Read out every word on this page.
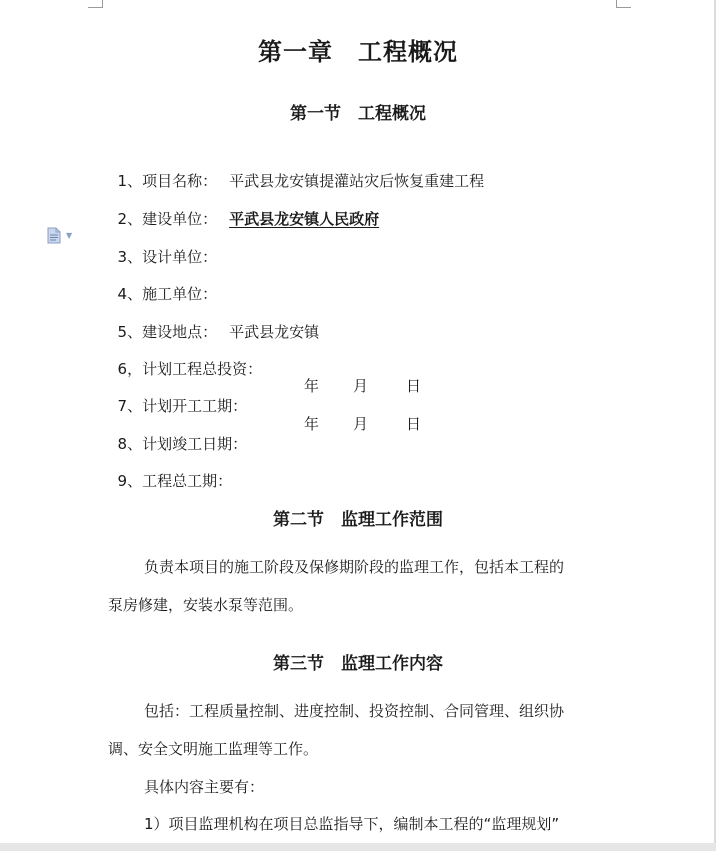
▼
第一章　工程概况
第一节　工程概况

1、项目名称： 平武县龙安镇提灌站灾后恢复重建工程

2、建设单位： 平武县龙安镇人民政府

3、设计单位：

4、施工单位：

5、建设地点： 平武县龙安镇

6，计划工程总投资：

7、计划开工工期：

年

月

	日

8、计划竣工日期：

年

月

	日

9、工程总工期：

第二节　监理工作范围
负责本项目的施工阶段及保修期阶段的监理工作，包括本工程的
泵房修建，安装水泵等范围。
第三节　监理工作内容
包括：工程质量控制、进度控制、投资控制、合同管理、组织协
调、安全文明施工监理等工作。
具体内容主要有：
1）项目监理机构在项目总监指导下，编制本工程的“监理规划”
